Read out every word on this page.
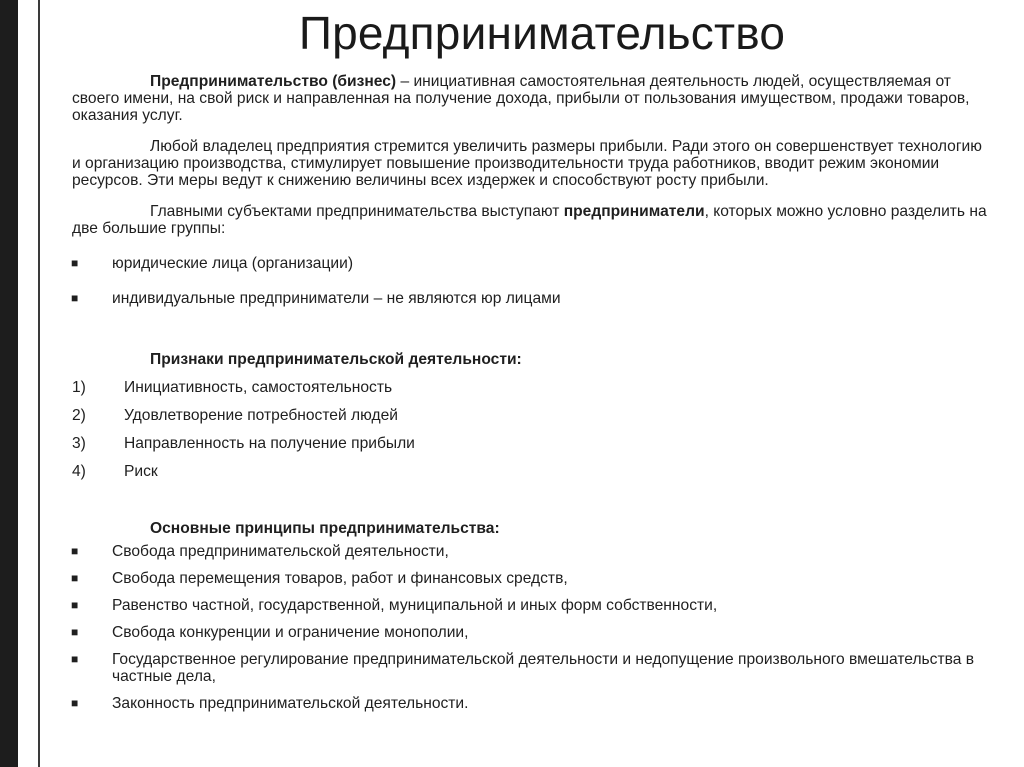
Предпринимательство

Предпринимательство (бизнес) – инициативная самостоятельная деятельность людей, осуществляемая от своего имени, на свой риск и направленная на получение дохода, прибыли от пользования имуществом, продажи товаров, оказания услуг.

Любой владелец предприятия стремится увеличить размеры прибыли. Ради этого он совершенствует технологию и организацию производства, стимулирует повышение производительности труда работников, вводит режим экономии ресурсов. Эти меры ведут к снижению величины всех издержек и способствуют росту прибыли.

Главными субъектами предпринимательства выступают предприниматели, которых можно условно разделить на две большие группы:

■ юридические лица (организации)
■ индивидуальные предприниматели – не являются юр лицами
Признаки предпринимательской деятельности:
1) Инициативность, самостоятельность
2) Удовлетворение потребностей людей
3) Направленность на получение прибыли
4) Риск
Основные принципы предпринимательства:
■ Свобода предпринимательской деятельности,
■ Свобода перемещения товаров, работ и финансовых средств,
■ Равенство частной, государственной, муниципальной и иных форм собственности,
■ Свобода конкуренции и ограничение монополии,
■ Государственное регулирование предпринимательской деятельности и недопущение произвольного вмешательства в частные дела,
■ Законность предпринимательской деятельности.
